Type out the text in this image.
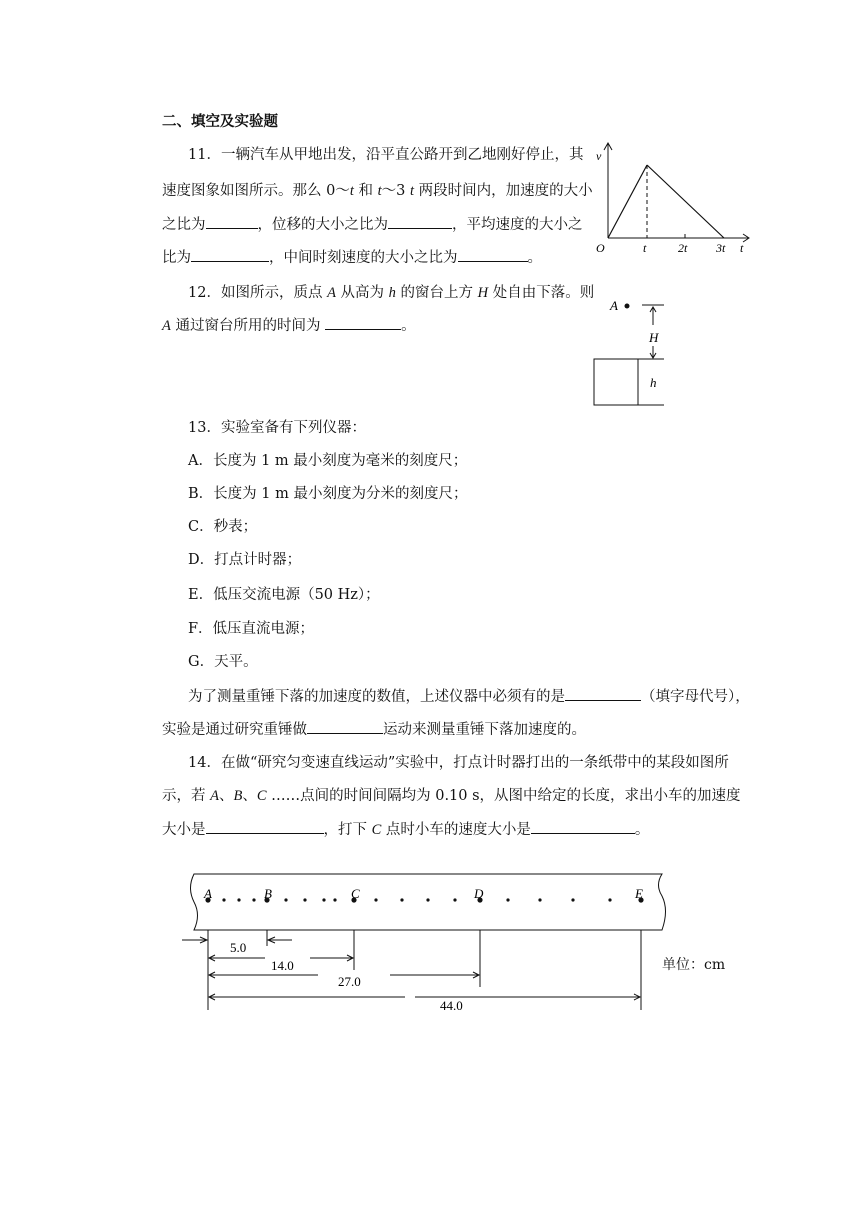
二、填空及实验题
11．一辆汽车从甲地出发，沿平直公路开到乙地刚好停止，其
速度图象如图所示。那么 0～t 和 t～3 t 两段时间内，加速度的大小
之比为	，位移的大小之比为	，平均速度的大小之
比为	，中间时刻速度的大小之比为	。
v
O	t	2t 3t t
12．如图所示，质点 A 从高为 h 的窗台上方 H 处自由下落。则
A 通过窗台所用的时间为	。
A
H
h
13．实验室备有下列仪器：
A．长度为 1 m 最小刻度为毫米的刻度尺；
B．长度为 1 m 最小刻度为分米的刻度尺；
C．秒表；
D．打点计时器；
E．低压交流电源（50 Hz）；
F．低压直流电源；
G．天平。
为了测量重锤下落的加速度的数值，上述仪器中必须有的是	（填字母代号），
实验是通过研究重锤做	运动来测量重锤下落加速度的。
14．在做“研究匀变速直线运动”实验中，打点计时器打出的一条纸带中的某段如图所
示，若 A、B、C ……点间的时间间隔均为 0.10 s，从图中给定的长度，求出小车的加速度
大小是	，打下 C 点时小车的速度大小是	。
A	B	C	D	E
5.0
14.0
27.0
44.0
单位：cm
